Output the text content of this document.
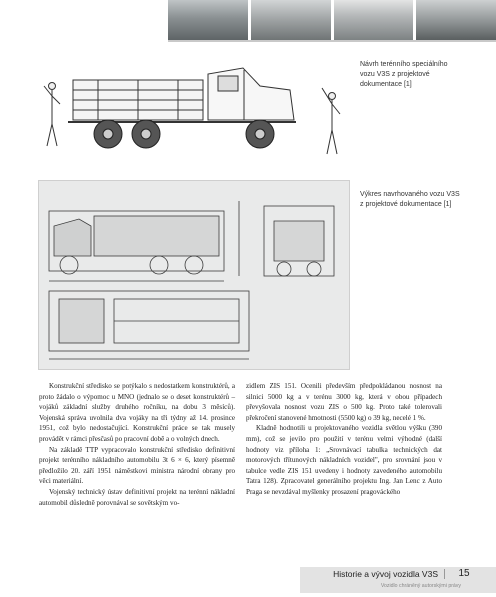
Návrh terénního speciálního vozu V3S z projektové dokumentace [1]
Výkres navrhovaného vozu V3S z projektové dokumentace [1]

Konstrukční středisko se potýkalo s nedostatkem konstruktérů, a proto žádalo o výpomoc u MNO (jednalo se o deset konstruktérů – vojáků základní služby druhého ročníku, na dobu 3 měsíců). Vojenská správa uvolnila dva vojáky na tři týdny až 14. prosince 1951, což bylo nedostačující. Konstrukční práce se tak musely provádět v rámci přesčasů po pracovní době a o volných dnech.

Na základě TTP vypracovalo konstrukční středisko definitivní projekt terénního nákladního automobilu 3t 6 × 6, který písemně předložilo 20. září 1951 náměstkovi ministra národní obrany pro věci materiální.

Vojenský technický ústav definitivní projekt na terénní nákladní automobil důsledně porovnával se sovětským vo-

zidlem ZIS 151. Ocenili především předpokládanou nosnost na silnici 5000 kg a v terénu 3000 kg, která v obou případech převyšovala nosnost vozu ZIS o 500 kg. Proto také tolerovali překročení stanovené hmotnosti (5500 kg) o 39 kg, necelé 1 %.

Kladně hodnotili u projektovaného vozidla světlou výšku (390 mm), což se jevilo pro použití v terénu velmi výhodné (další hodnoty viz příloha 1: „Srovnávací tabulka technických dat motorových třítunových nákladních vozidel", pro srovnání jsou v tabulce vedle ZIS 151 uvedeny i hodnoty zavedeného automobilu Tatra 128). Zpracovatel generálního projektu Ing. Jan Lenc z Auto Praga se nevzdával myšlenky prosazení pragováckého

Historie a vývoj vozidla V3S
Vozidlo chráněný autorskými právy
15
